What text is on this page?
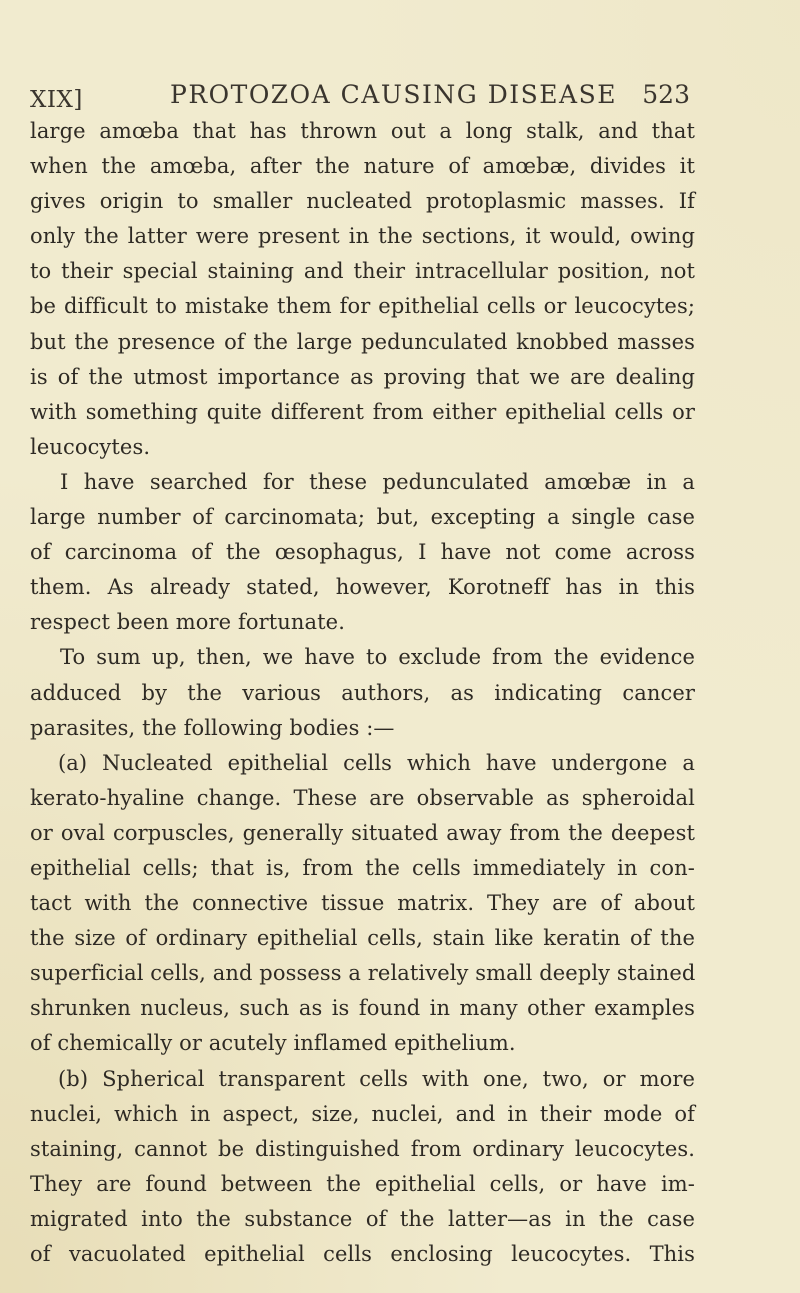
XIX]	PROTOZOA CAUSING DISEASE 523
large amœba that has thrown out a long stalk, and that
when the amœba, after the nature of amœbæ, divides it
gives origin to smaller nucleated protoplasmic masses. If
only the latter were present in the sections, it would, owing
to their special staining and their intracellular position, not
be difficult to mistake them for epithelial cells or leucocytes;
but the presence of the large pedunculated knobbed masses
is of the utmost importance as proving that we are dealing
with something quite different from either epithelial cells or
leucocytes.
I have searched for these pedunculated amœbæ in a
large number of carcinomata; but, excepting a single case
of carcinoma of the œsophagus, I have not come across
them. As already stated, however, Korotneff has in this
respect been more fortunate.
To sum up, then, we have to exclude from the evidence
adduced by the various authors, as indicating cancer
parasites, the following bodies :—
(a) Nucleated epithelial cells which have undergone a
kerato-hyaline change. These are observable as spheroidal
or oval corpuscles, generally situated away from the deepest
epithelial cells; that is, from the cells immediately in con-
tact with the connective tissue matrix. They are of about
the size of ordinary epithelial cells, stain like keratin of the
superficial cells, and possess a relatively small deeply stained
shrunken nucleus, such as is found in many other examples
of chemically or acutely inflamed epithelium.
(b) Spherical transparent cells with one, two, or more
nuclei, which in aspect, size, nuclei, and in their mode of
staining, cannot be distinguished from ordinary leucocytes.
They are found between the epithelial cells, or have im-
migrated into the substance of the latter—as in the case
of vacuolated epithelial cells enclosing leucocytes. This
